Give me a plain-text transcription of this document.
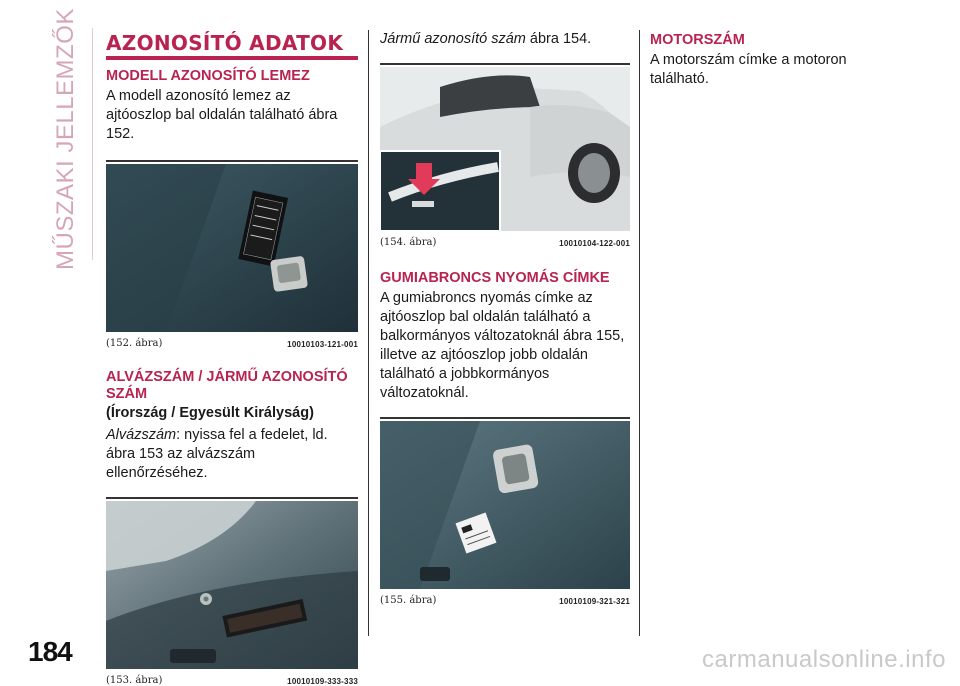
MŰSZAKI JELLEMZŐK	AZONOSÍTÓ ADATOK
MODELL AZONOSÍTÓ LEMEZ

A modell azonosító lemez az ajtóoszlop bal oldalán található ábra 152.

(152. ábra)	10010103-121-001
ALVÁZSZÁM / JÁRMŰ AZONOSÍTÓ SZÁM
(Írország / Egyesült Királyság)

Alvázszám: nyissa fel a fedelet, ld. ábra 153 az alvázszám ellenőrzéséhez.

(153. ábra)	10010109-333-333

Jármű azonosító szám ábra 154.

(154. ábra)	10010104-122-001
GUMIABRONCS NYOMÁS CÍMKE

A gumiabroncs nyomás címke az ajtóoszlop bal oldalán található a balkormányos változatoknál ábra 155, illetve az ajtóoszlop jobb oldalán található a jobbkormányos változatoknál.

(155. ábra)	10010109-321-321
MOTORSZÁM

A motorszám címke a motoron található.

184	carmanualsonline.info
